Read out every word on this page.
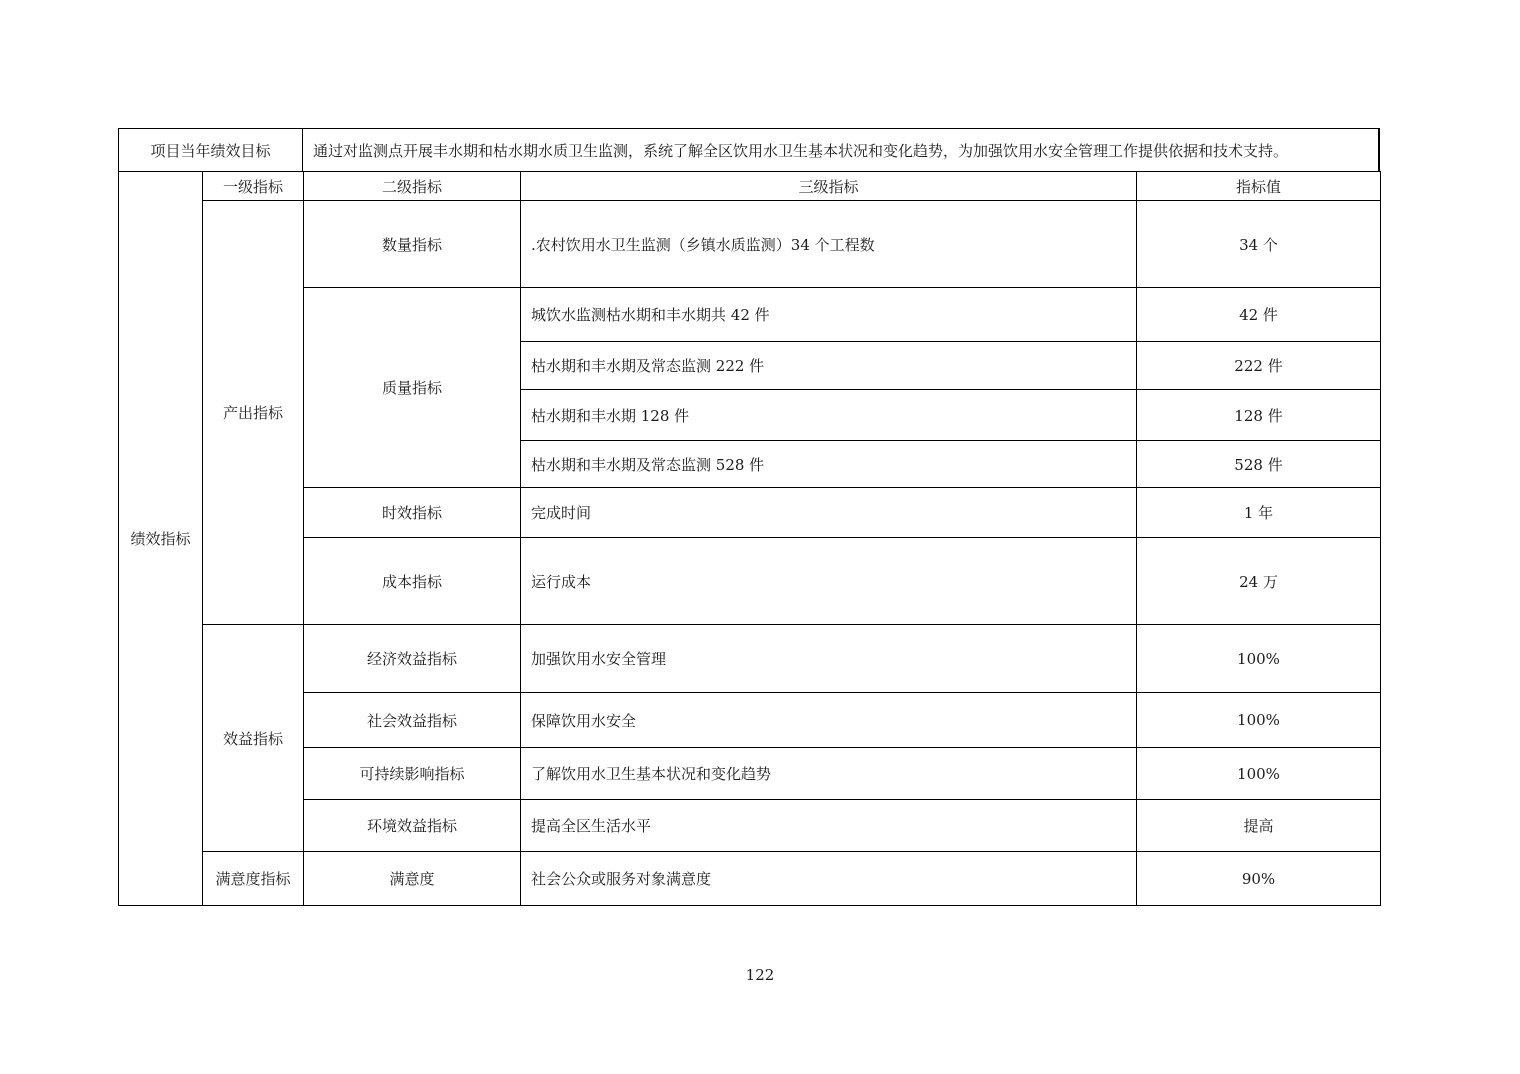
项目当年绩效目标	通过对监测点开展丰水期和枯水期水质卫生监测，系统了解全区饮用水卫生基本状况和变化趋势，为加强饮用水安全管理工作提供依据和技术支持。
绩效指标	一级指标	二级指标	三级指标	指标值
	产出指标	数量指标	.农村饮用水卫生监测（乡镇水质监测）34 个工程数	34 个
		质量指标	城饮水监测枯水期和丰水期共 42 件	42 件
			枯水期和丰水期及常态监测 222 件	222 件
			枯水期和丰水期 128 件	128 件
			枯水期和丰水期及常态监测 528 件	528 件
		时效指标	完成时间	1 年
		成本指标	运行成本	24 万
	效益指标	经济效益指标	加强饮用水安全管理	100%
		社会效益指标	保障饮用水安全	100%
		可持续影响指标	了解饮用水卫生基本状况和变化趋势	100%
		环境效益指标	提高全区生活水平	提高
	满意度指标	满意度	社会公众或服务对象满意度	90%
122
